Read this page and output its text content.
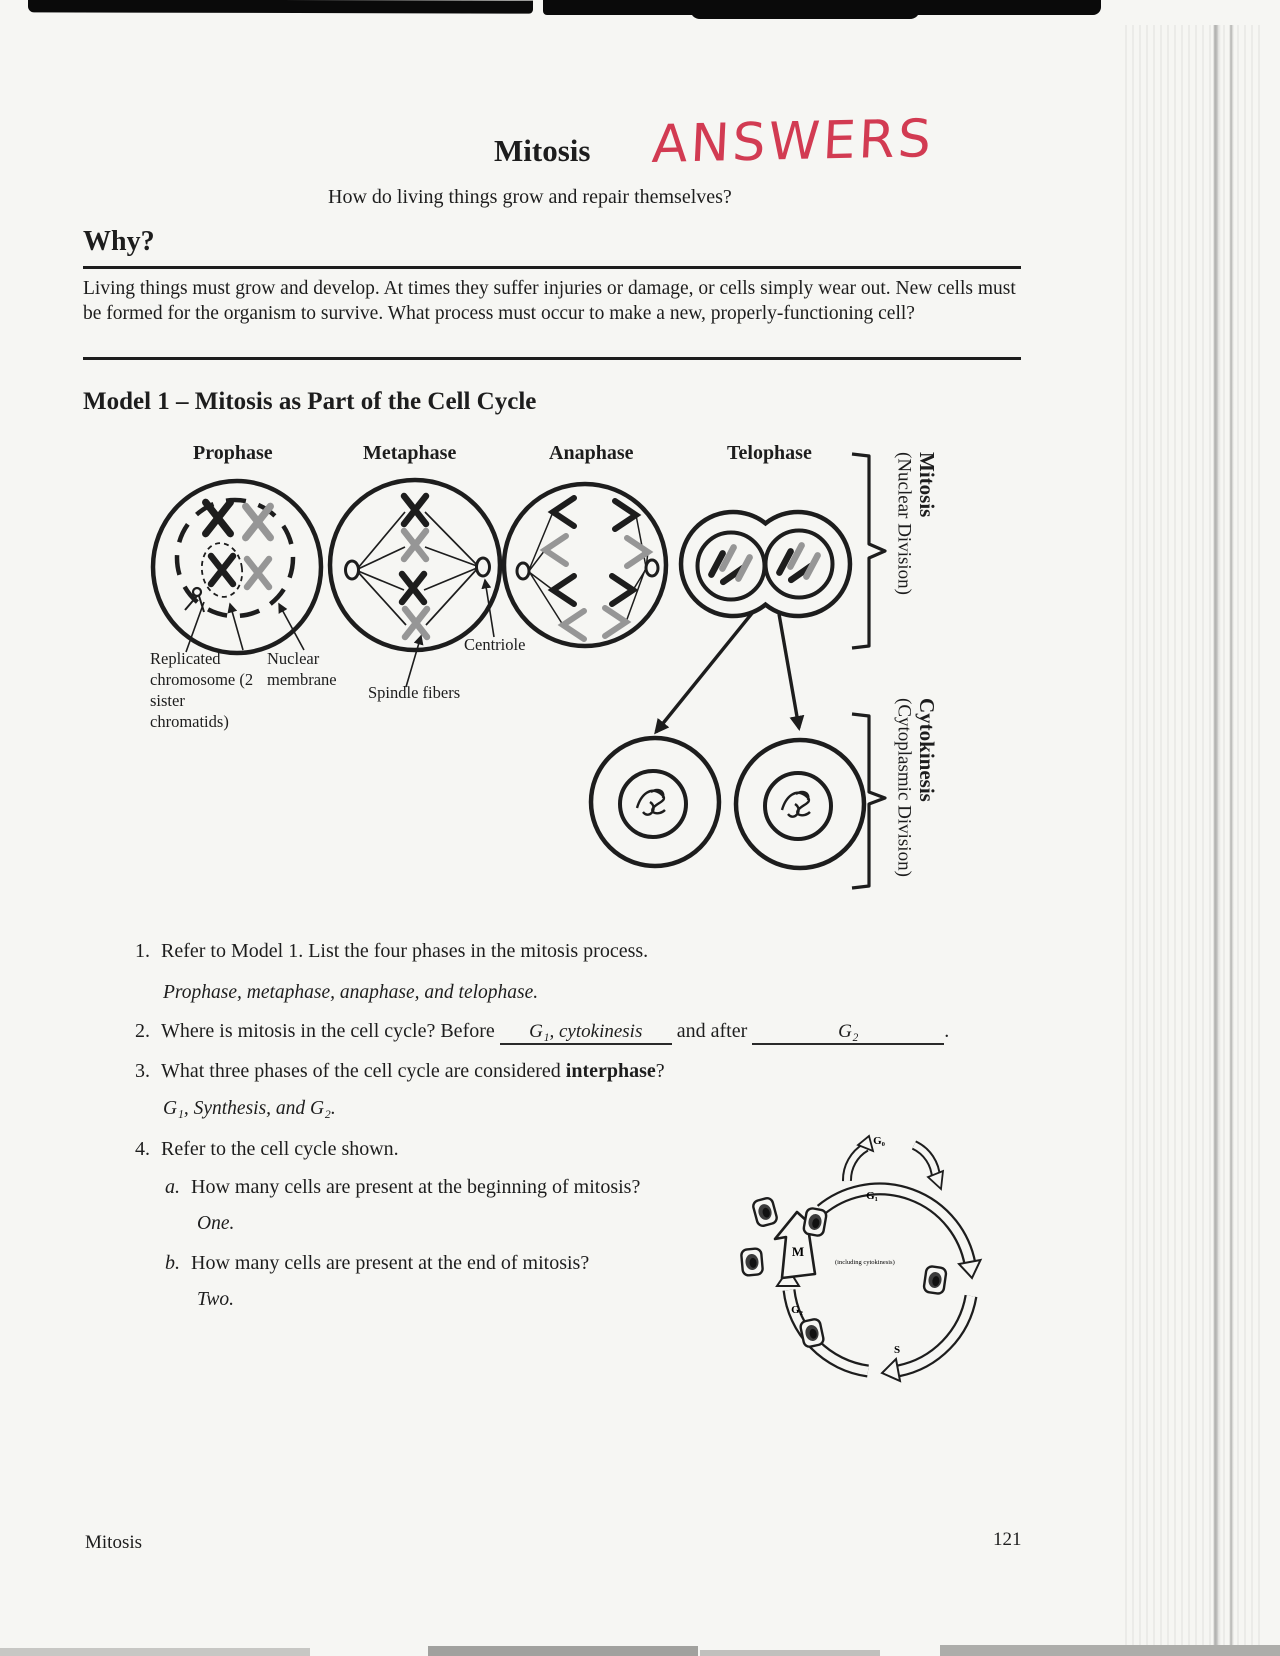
Mitosis ANSWERS
How do living things grow and repair themselves?
Why?
Living things must grow and develop. At times they suffer injuries or damage, or cells simply wear out. New cells must be formed for the organism to survive. What process must occur to make a new, properly-functioning cell?
Model 1 – Mitosis as Part of the Cell Cycle
Prophase	Metaphase	Anaphase	Telophase
Replicated chromosome (2 sister chromatids)
Nuclear membrane
Spindle fibers
Centriole
Mitosis
(Nuclear Division)
Cytokinesis
(Cytoplasmic Division)
1. Refer to Model 1. List the four phases in the mitosis process.
Prophase, metaphase, anaphase, and telophase.
2. Where is mitosis in the cell cycle? Before G₁, cytokinesis and after	G₂	.
3. What three phases of the cell cycle are considered interphase?
G₁, Synthesis, and G₂.
4. Refer to the cell cycle shown.
a. How many cells are present at the beginning of mitosis?
One.
b. How many cells are present at the end of mitosis?
Two.
G₀
G₁
M
(including cytokinesis)
G₂
S
Mitosis	121
